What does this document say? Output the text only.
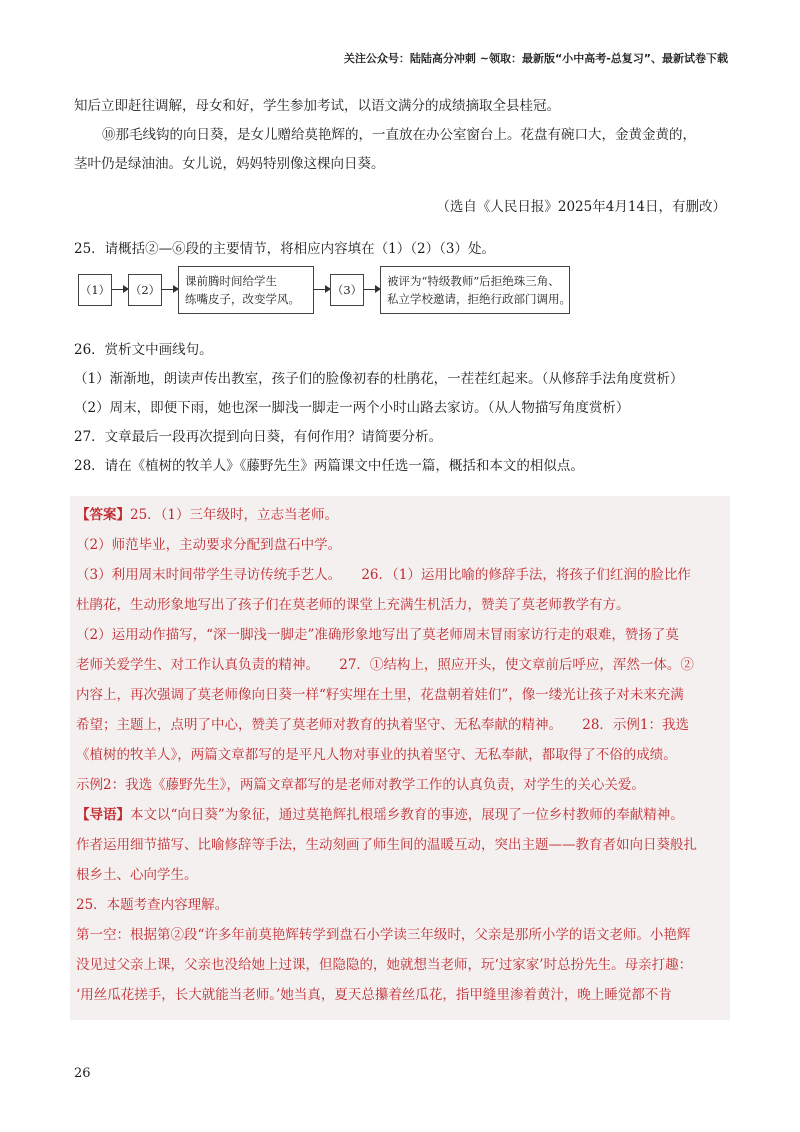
关注公众号：陆陆高分冲刺 ~领取：最新版“小中高考-总复习”、最新试卷下载

知后立即赶往调解，母女和好，学生参加考试，以语文满分的成绩摘取全县桂冠。

⑩那毛线钩的向日葵，是女儿赠给莫艳辉的，一直放在办公室窗台上。花盘有碗口大，金黄金黄的，

茎叶仍是绿油油。女儿说，妈妈特别像这棵向日葵。

（选自《人民日报》2025年4月14日，有删改）

25．请概括②—⑥段的主要情节，将相应内容填在（1）（2）（3）处。

（1） （2）
课前腾时间给学生
练嘴皮子，改变学风。
（3）
被评为“特级教师”后拒绝珠三角、
私立学校邀请，拒绝行政部门调用。

26．赏析文中画线句。

（1）渐渐地，朗读声传出教室，孩子们的脸像初春的杜鹃花，一茬茬红起来。（从修辞手法角度赏析）

（2）周末，即便下雨，她也深一脚浅一脚走一两个小时山路去家访。（从人物描写角度赏析）

27．文章最后一段再次提到向日葵，有何作用？请简要分析。

28．请在《植树的牧羊人》《藤野先生》两篇课文中任选一篇，概括和本文的相似点。

【答案】25．（1）三年级时，立志当老师。

（2）师范毕业，主动要求分配到盘石中学。

（3）利用周末时间带学生寻访传统手艺人。　　26．（1）运用比喻的修辞手法，将孩子们红润的脸比作

杜鹃花，生动形象地写出了孩子们在莫老师的课堂上充满生机活力，赞美了莫老师教学有方。

（2）运用动作描写，“深一脚浅一脚走”准确形象地写出了莫老师周末冒雨家访行走的艰难，赞扬了莫

老师关爱学生、对工作认真负责的精神。　　27．①结构上，照应开头，使文章前后呼应，浑然一体。②

内容上，再次强调了莫老师像向日葵一样“籽实埋在土里，花盘朝着娃们”，像一缕光让孩子对未来充满

希望；主题上，点明了中心，赞美了莫老师对教育的执着坚守、无私奉献的精神。　　28．示例1：我选

《植树的牧羊人》，两篇文章都写的是平凡人物对事业的执着坚守、无私奉献，都取得了不俗的成绩。

示例2：我选《藤野先生》，两篇文章都写的是老师对教学工作的认真负责，对学生的关心关爱。

【导语】本文以“向日葵”为象征，通过莫艳辉扎根瑶乡教育的事迹，展现了一位乡村教师的奉献精神。

作者运用细节描写、比喻修辞等手法，生动刻画了师生间的温暖互动，突出主题——教育者如向日葵般扎

根乡土、心向学生。

25．本题考查内容理解。

第一空：根据第②段“许多年前莫艳辉转学到盘石小学读三年级时，父亲是那所小学的语文老师。小艳辉

没见过父亲上课，父亲也没给她上过课，但隐隐的，她就想当老师，玩‘过家家’时总扮先生。母亲打趣：

‘用丝瓜花搓手，长大就能当老师。’她当真，夏天总攥着丝瓜花，指甲缝里渗着黄汁，晚上睡觉都不肯

26
